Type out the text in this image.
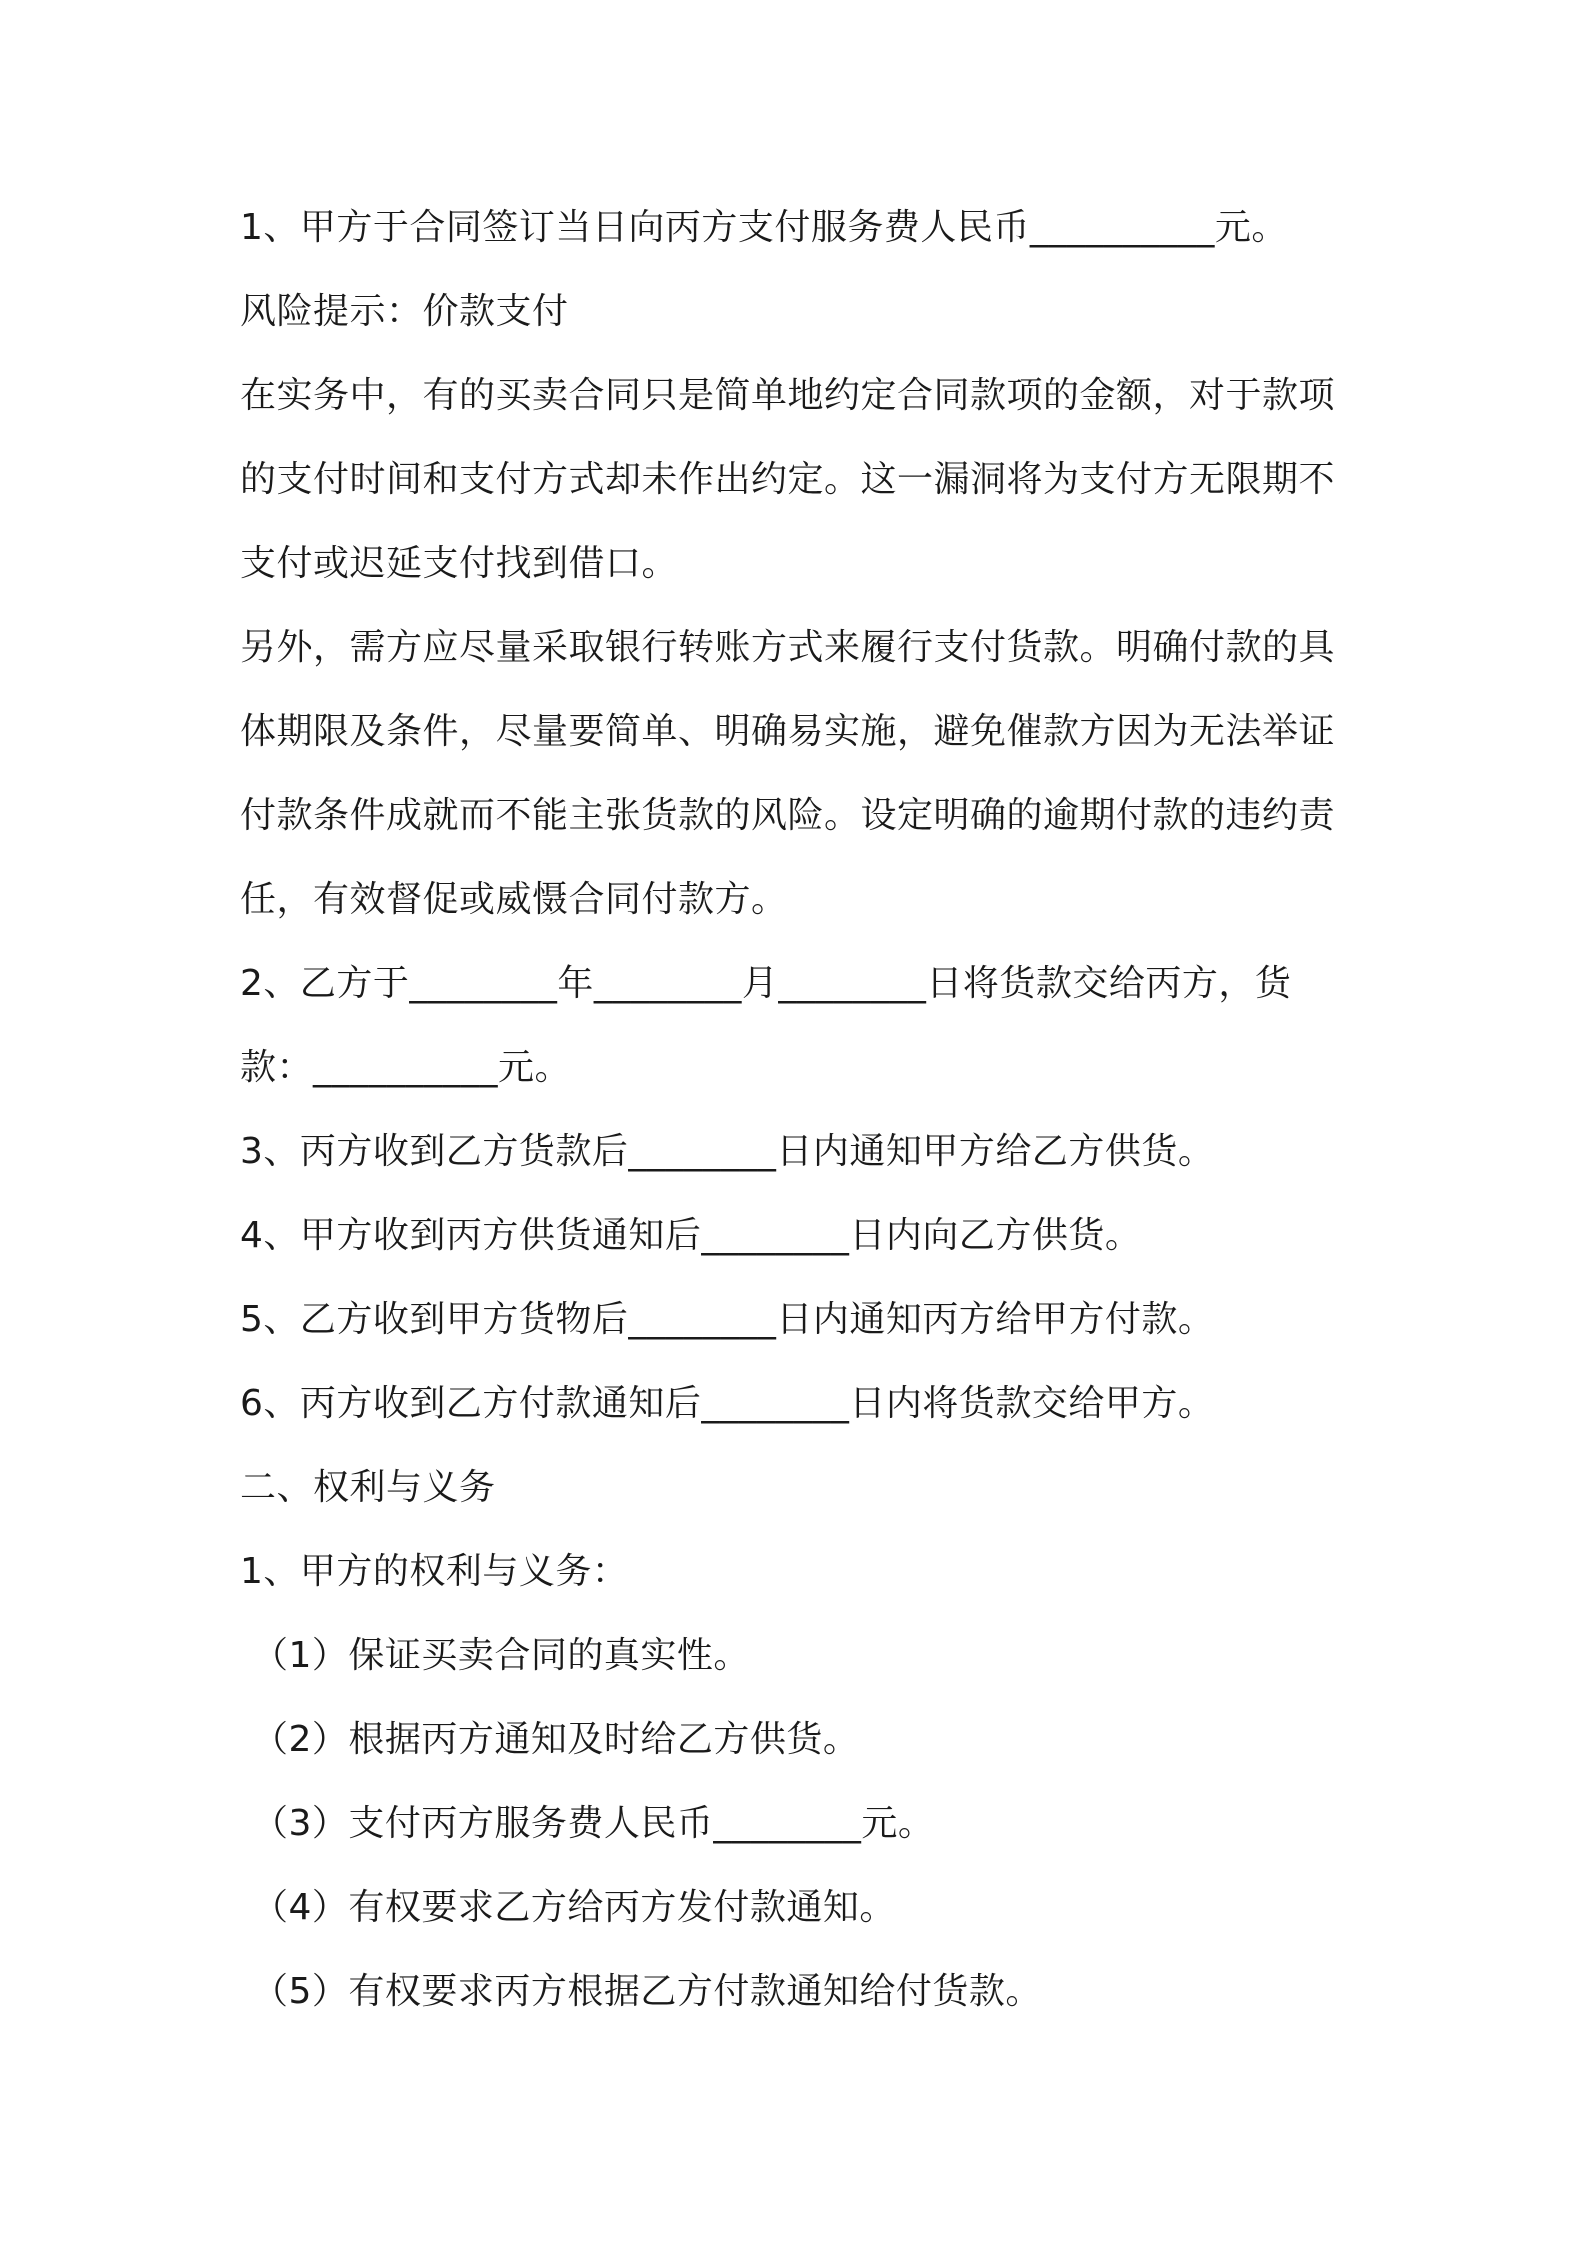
1、甲方于合同签订当日向丙方支付服务费人民币__________元。
风险提示：价款支付
在实务中，有的买卖合同只是简单地约定合同款项的金额，对于款项
的支付时间和支付方式却未作出约定。这一漏洞将为支付方无限期不
支付或迟延支付找到借口。
另外，需方应尽量采取银行转账方式来履行支付货款。明确付款的具
体期限及条件，尽量要简单、明确易实施，避免催款方因为无法举证
付款条件成就而不能主张货款的风险。设定明确的逾期付款的违约责
任，有效督促或威慑合同付款方。
2、乙方于________年________月________日将货款交给丙方，货
款：__________元。
3、丙方收到乙方货款后________日内通知甲方给乙方供货。
4、甲方收到丙方供货通知后________日内向乙方供货。
5、乙方收到甲方货物后________日内通知丙方给甲方付款。
6、丙方收到乙方付款通知后________日内将货款交给甲方。
二、权利与义务
1、甲方的权利与义务：
（1）保证买卖合同的真实性。
（2）根据丙方通知及时给乙方供货。
（3）支付丙方服务费人民币________元。
（4）有权要求乙方给丙方发付款通知。
（5）有权要求丙方根据乙方付款通知给付货款。
